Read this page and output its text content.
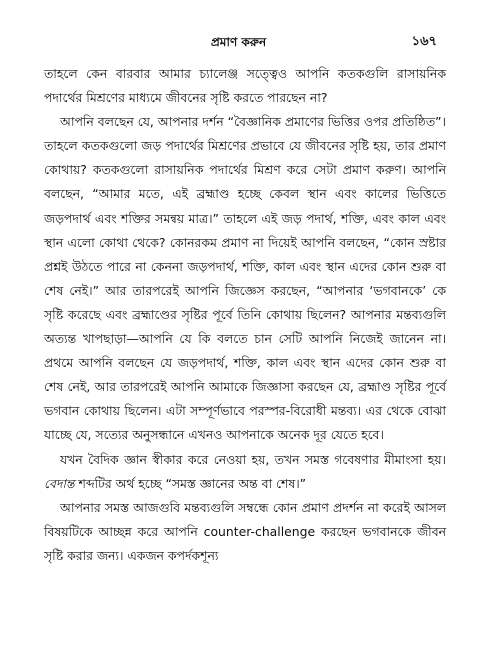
প্রমাণ করুন	১৬৭

তাহলে কেন বারবার আমার চ্যালেঞ্জ সত্ত্বেও আপনি কতকগুলি রাসায়নিক পদার্থের মিশ্রণের মাধ্যমে জীবনের সৃষ্টি করতে পারছেন না?

আপনি বলছেন যে, আপনার দর্শন “বৈজ্ঞানিক প্রমাণের ভিত্তির ওপর প্রতিষ্ঠিত”। তাহলে কতকগুলো জড় পদার্থের মিশ্রণের প্রভাবে যে জীবনের সৃষ্টি হয়, তার প্রমাণ কোথায়? কতকগুলো রাসায়নিক পদার্থের মিশ্রণ করে সেটা প্রমাণ করুণ। আপনি বলছেন, “আমার মতে, এই ব্রহ্মাণ্ড হচ্ছে কেবল স্থান এবং কালের ভিত্তিতে জড়পদার্থ এবং শক্তির সমন্বয় মাত্র।” তাহলে এই জড় পদার্থ, শক্তি, এবং কাল এবং স্থান এলো কোথা থেকে? কোনরকম প্রমাণ না দিয়েই আপনি বলছেন, “কোন স্রষ্টার প্রশ্নই উঠতে পারে না কেননা জড়পদার্থ, শক্তি, কাল এবং স্থান এদের কোন শুরু বা শেষ নেই।” আর তারপরেই আপনি জিজ্ঞেস করছেন, “আপনার ‘ভগবানকে’ কে সৃষ্টি করেছে এবং ব্রহ্মাণ্ডের সৃষ্টির পূর্বে তিনি কোথায় ছিলেন? আপনার মন্তব্যগুলি অত্যন্ত খাপছাড়া—আপনি যে কি বলতে চান সেটি আপনি নিজেই জানেন না। প্রথমে আপনি বলছেন যে জড়পদার্থ, শক্তি, কাল এবং স্থান এদের কোন শুরু বা শেষ নেই, আর তারপরেই আপনি আমাকে জিজ্ঞাসা করছেন যে, ব্রহ্মাণ্ড সৃষ্টির পূর্বে ভগবান কোথায় ছিলেন। এটা সম্পূর্ণভাবে পরস্পর-বিরোধী মন্তব্য। এর থেকে বোঝা যাচ্ছে যে, সত্যের অনুসন্ধানে এখনও আপনাকে অনেক দূর যেতে হবে।

যখন বৈদিক জ্ঞান স্বীকার করে নেওয়া হয়, তখন সমস্ত গবেষণার মীমাংসা হয়। বেদান্ত শব্দটির অর্থ হচ্ছে “সমস্ত জ্ঞানের অন্ত বা শেষ।”

আপনার সমস্ত আজগুবি মন্তব্যগুলি সম্বন্ধে কোন প্রমাণ প্রদর্শন না করেই আসল বিষয়টিকে আচ্ছন্ন করে আপনি counter-challenge করছেন ভগবানকে জীবন সৃষ্টি করার জন্য। একজন কপর্দকশূন্য
